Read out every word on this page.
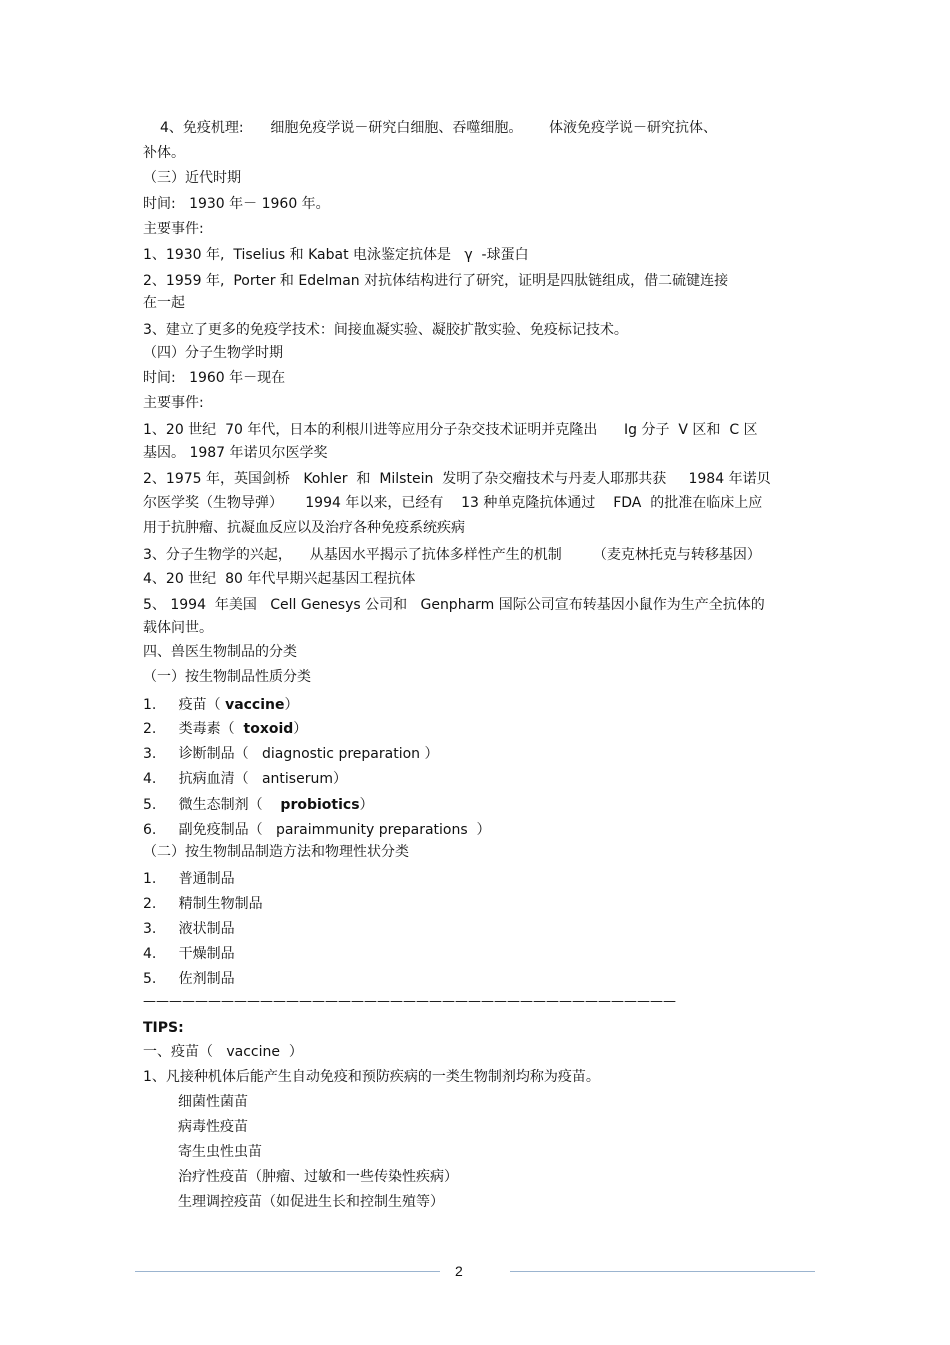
4、免疫机理:      细胞免疫学说－研究白细胞、吞噬细胞。      体液免疫学说－研究抗体、
补体。
（三）近代时期
时间:   1930 年－ 1960 年。
主要事件:
1、1930 年,  Tiselius 和 Kabat 电泳鉴定抗体是   γ  -球蛋白
2、1959 年,  Porter 和 Edelman 对抗体结构进行了研究，证明是四肽链组成，借二硫键连接
在一起
3、建立了更多的免疫学技术：间接血凝实验、凝胶扩散实验、免疫标记技术。
（四）分子生物学时期
时间:   1960 年－现在
主要事件:
1、20 世纪  70 年代，日本的利根川进等应用分子杂交技术证明并克隆出      Ig 分子  V 区和  C 区
基因。 1987 年诺贝尔医学奖
2、1975 年，英国剑桥   Kohler  和  Milstein  发明了杂交瘤技术与丹麦人耶那共获     1984 年诺贝
尔医学奖（生物导弹）     1994 年以来，已经有    13 种单克隆抗体通过    FDA  的批准在临床上应
用于抗肿瘤、抗凝血反应以及治疗各种免疫系统疾病
3、分子生物学的兴起，    从基因水平揭示了抗体多样性产生的机制       （麦克林托克与转移基因）
4、20 世纪  80 年代早期兴起基因工程抗体
5、 1994  年美国   Cell Genesys 公司和   Genpharm 国际公司宣布转基因小鼠作为生产全抗体的
载体问世。
四、兽医生物制品的分类
（一）按生物制品性质分类
1.     疫苗（ vaccine）
2.     类毒素（  toxoid）
3.     诊断制品（   diagnostic preparation ）
4.     抗病血清（   antiserum）
5.     微生态制剂（    probiotics）
6.     副免疫制品（   paraimmunity preparations  ）
（二）按生物制品制造方法和物理性状分类
1.     普通制品
2.     精制生物制品
3.     液状制品
4.     干燥制品
5.     佐剂制品
—————————————————————————————————————————
TIPS:
一、疫苗（   vaccine  ）
1、凡接种机体后能产生自动免疫和预防疾病的一类生物制剂均称为疫苗。
细菌性菌苗
病毒性疫苗
寄生虫性虫苗
治疗性疫苗（肿瘤、过敏和一些传染性疾病）
生理调控疫苗（如促进生长和控制生殖等）
2
